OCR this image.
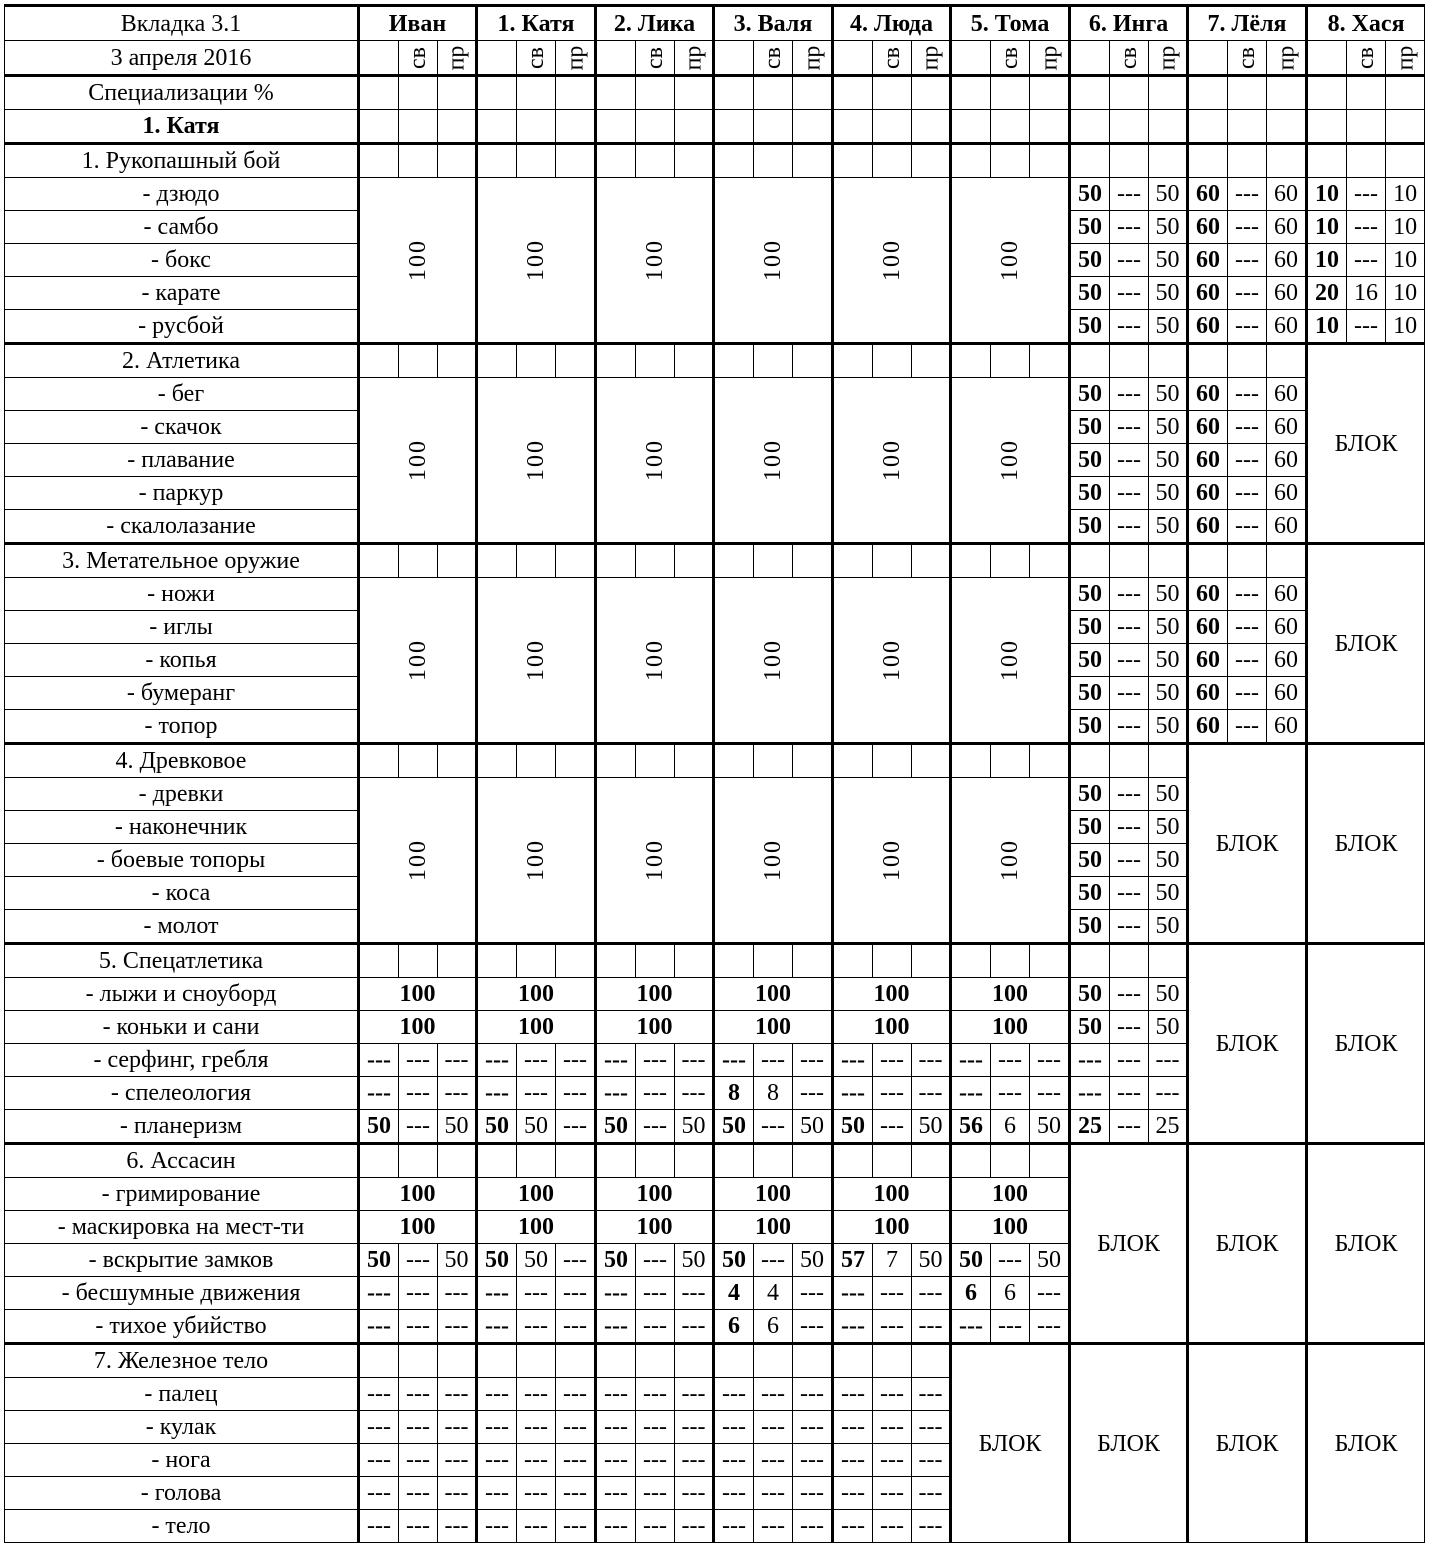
Вкладка 3.1	Иван			1. Катя			2. Лика			3. Валя			4. Люда			5. Тома			6. Инга			7. Лёля			8. Хася		
3 апреля 2016		св	пр		св	пр		св	пр		св	пр		св	пр		св	пр		св	пр		св	пр		св	пр
Специализации %																											
1. Катя																											
1. Рукопашный бой																											
- дзюдо	100			100			100			100			100			100			50	---	50	60	---	60	10	---	10
- самбо																			50	---	50	60	---	60	10	---	10
- бокс																			50	---	50	60	---	60	10	---	10
- карате																			50	---	50	60	---	60	20	16	10
- русбой																			50	---	50	60	---	60	10	---	10
2. Атлетика																									БЛОК		
- бег	100			100			100			100			100			100			50	---	50	60	---	60			
- скачок																			50	---	50	60	---	60			
- плавание																			50	---	50	60	---	60			
- паркур																			50	---	50	60	---	60			
- скалолазание																			50	---	50	60	---	60			
3. Метательное оружие																									БЛОК		
- ножи	100			100			100			100			100			100			50	---	50	60	---	60			
- иглы																			50	---	50	60	---	60			
- копья																			50	---	50	60	---	60			
- бумеранг																			50	---	50	60	---	60			
- топор																			50	---	50	60	---	60			
4. Древковое																						БЛОК			БЛОК		
- древки	100			100			100			100			100			100			50	---	50						
- наконечник																			50	---	50						
- боевые топоры																			50	---	50						
- коса																			50	---	50						
- молот																			50	---	50						
5. Спецатлетика																						БЛОК			БЛОК		
- лыжи и сноуборд	100			100			100			100			100			100			50	---	50						
- коньки и сани	100			100			100			100			100			100			50	---	50						
- серфинг, гребля	---	---	---	---	---	---	---	---	---	---	---	---	---	---	---	---	---	---	---	---	---						
- спелеология	---	---	---	---	---	---	---	---	---	8	8	---	---	---	---	---	---	---	---	---	---						
- планеризм	50	---	50	50	50	---	50	---	50	50	---	50	50	---	50	56	6	50	25	---	25						
6. Ассасин																			БЛОК			БЛОК			БЛОК		
- гримирование	100			100			100			100			100			100											
- маскировка на мест-ти	100			100			100			100			100			100											
- вскрытие замков	50	---	50	50	50	---	50	---	50	50	---	50	57	7	50	50	---	50									
- бесшумные движения	---	---	---	---	---	---	---	---	---	4	4	---	---	---	---	6	6	---									
- тихое убийство	---	---	---	---	---	---	---	---	---	6	6	---	---	---	---	---	---	---									
7. Железное тело																БЛОК			БЛОК			БЛОК			БЛОК		
- палец	---	---	---	---	---	---	---	---	---	---	---	---	---	---	---												
- кулак	---	---	---	---	---	---	---	---	---	---	---	---	---	---	---												
- нога	---	---	---	---	---	---	---	---	---	---	---	---	---	---	---												
- голова	---	---	---	---	---	---	---	---	---	---	---	---	---	---	---												
- тело	---	---	---	---	---	---	---	---	---	---	---	---	---	---	---												
